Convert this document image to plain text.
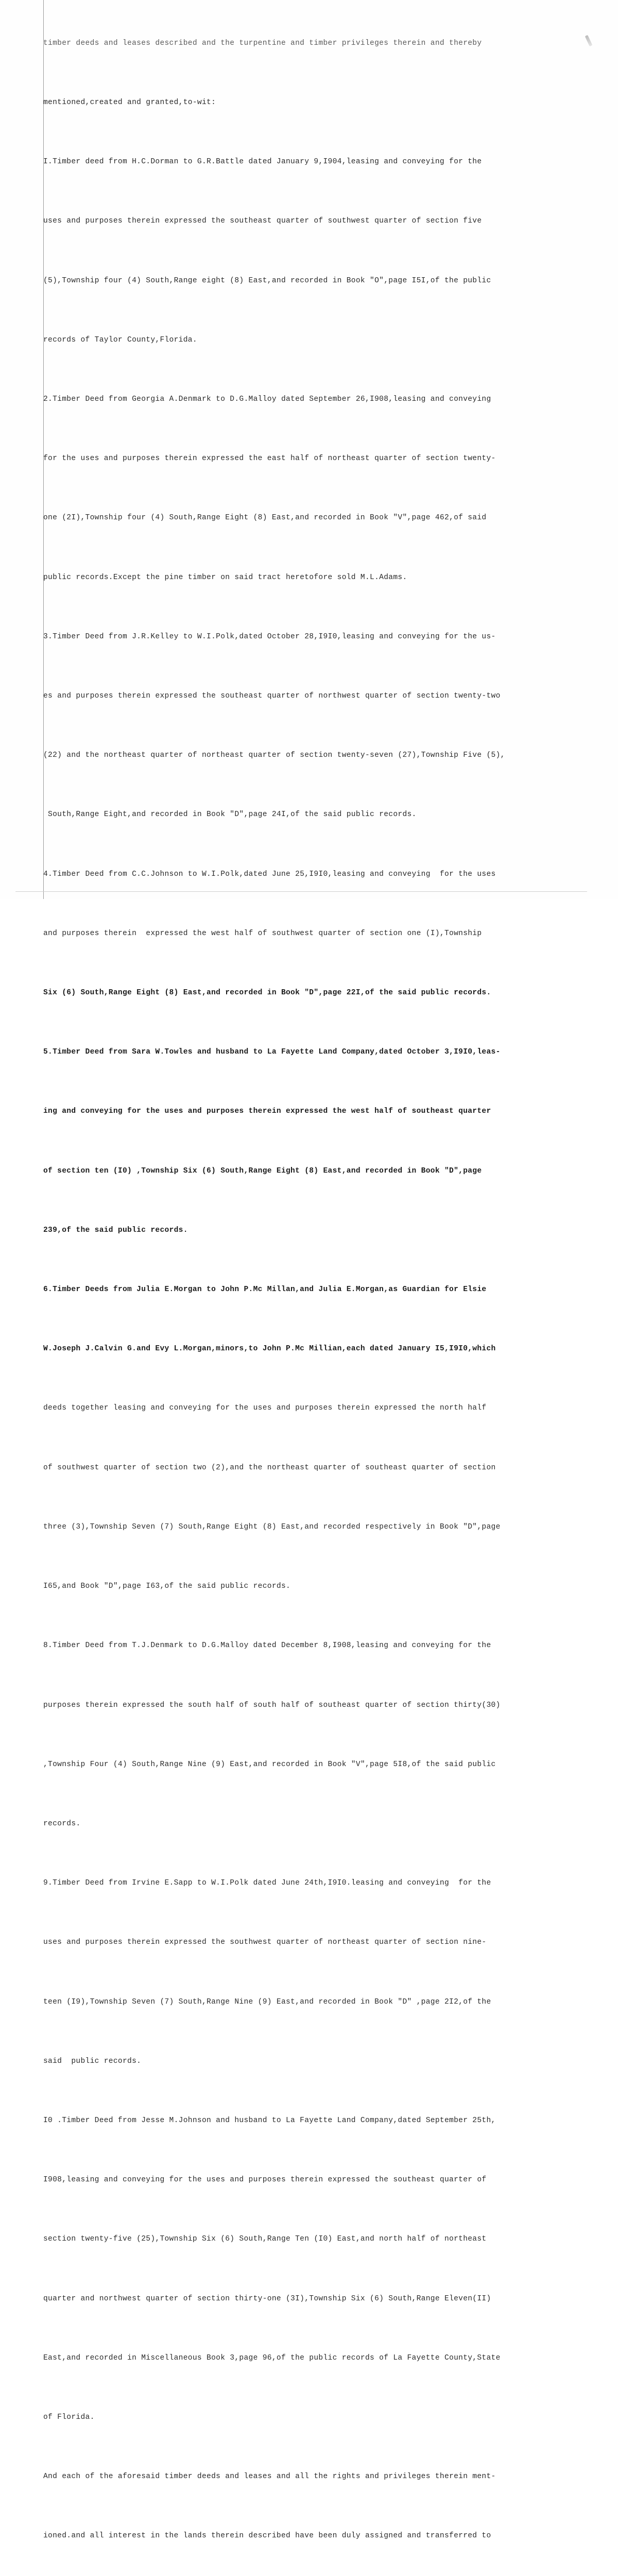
timber deeds and leases described and the turpentine and timber privileges therein and thereby

mentioned,created and granted,to-wit:

I.Timber deed from H.C.Dorman to G.R.Battle dated January 9,I904,leasing and conveying for the

uses and purposes therein expressed the southeast quarter of southwest quarter of section five

(5),Township four (4) South,Range eight (8) East,and recorded in Book "O",page I5I,of the public

records of Taylor County,Florida.

2.Timber Deed from Georgia A.Denmark to D.G.Malloy dated September 26,I908,leasing and conveying

for the uses and purposes therein expressed the east half of northeast quarter of section twenty-

one (2I),Township four (4) South,Range Eight (8) East,and recorded in Book "V",page 462,of said

public records.Except the pine timber on said tract heretofore sold M.L.Adams.

3.Timber Deed from J.R.Kelley to W.I.Polk,dated October 28,I9I0,leasing and conveying for the us-

es and purposes therein expressed the southeast quarter of northwest quarter of section twenty-two

(22) and the northeast quarter of northeast quarter of section twenty-seven (27),Township Five (5),

South,Range Eight,and recorded in Book "D",page 24I,of the said public records.

4.Timber Deed from C.C.Johnson to W.I.Polk,dated June 25,I9I0,leasing and conveying  for the uses

and purposes therein  expressed the west half of southwest quarter of section one (I),Township

Six (6) South,Range Eight (8) East,and recorded in Book "D",page 22I,of the said public records.

5.Timber Deed from Sara W.Towles and husband to La Fayette Land Company,dated October 3,I9I0,leas-

ing and conveying for the uses and purposes therein expressed the west half of southeast quarter

of section ten (I0) ,Township Six (6) South,Range Eight (8) East,and recorded in Book "D",page

239,of the said public records.

6.Timber Deeds from Julia E.Morgan to John P.Mc Millan,and Julia E.Morgan,as Guardian for Elsie

W.Joseph J.Calvin G.and Evy L.Morgan,minors,to John P.Mc Millian,each dated January I5,I9I0,which

deeds together leasing and conveying for the uses and purposes therein expressed the north half

of southwest quarter of section two (2),and the northeast quarter of southeast quarter of section

three (3),Township Seven (7) South,Range Eight (8) East,and recorded respectively in Book "D",page

I65,and Book "D",page I63,of the said public records.

8.Timber Deed from T.J.Denmark to D.G.Malloy dated December 8,I908,leasing and conveying for the

purposes therein expressed the south half of south half of southeast quarter of section thirty(30)

,Township Four (4) South,Range Nine (9) East,and recorded in Book "V",page 5I8,of the said public

records.

9.Timber Deed from Irvine E.Sapp to W.I.Polk dated June 24th,I9I0.leasing and conveying  for the

uses and purposes therein expressed the southwest quarter of northeast quarter of section nine-

teen (I9),Township Seven (7) South,Range Nine (9) East,and recorded in Book "D" ,page 2I2,of the

said  public records.

I0 .Timber Deed from Jesse M.Johnson and husband to La Fayette Land Company,dated September 25th,

I908,leasing and conveying for the uses and purposes therein expressed the southeast quarter of

section twenty-five (25),Township Six (6) South,Range Ten (I0) East,and north half of northeast

quarter and northwest quarter of section thirty-one (3I),Township Six (6) South,Range Eleven(II)

East,and recorded in Miscellaneous Book 3,page 96,of the public records of La Fayette County,State

of Florida.

And each of the aforesaid timber deeds and leases and all the rights and privileges therein ment-

ioned.and all interest in the lands therein described have been duly assigned and transferred to
